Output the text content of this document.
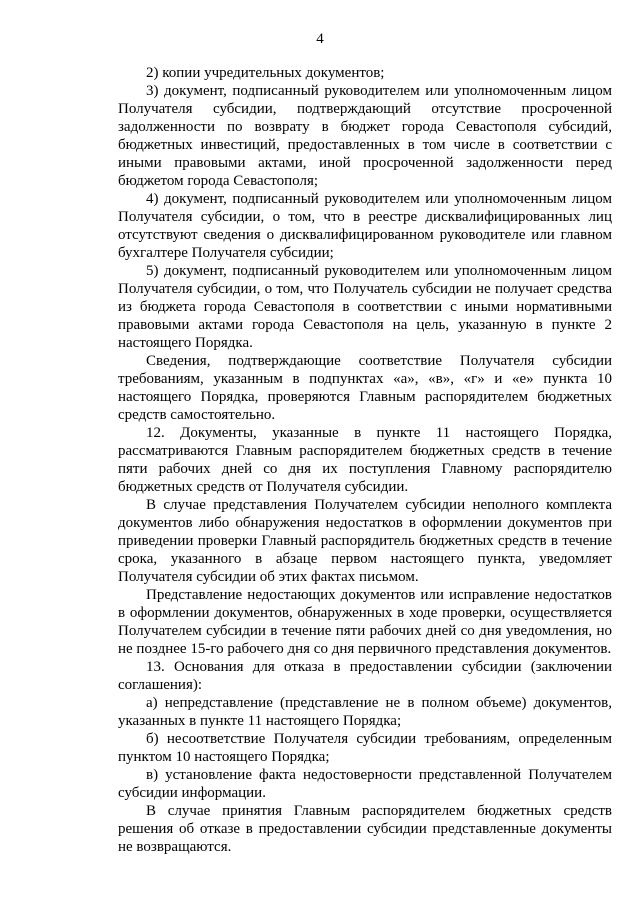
4

2) копии учредительных документов;

3) документ, подписанный руководителем или уполномоченным лицом Получателя субсидии, подтверждающий отсутствие просроченной задолженности по возврату в бюджет города Севастополя субсидий, бюджетных инвестиций, предоставленных в том числе в соответствии с иными правовыми актами, иной просроченной задолженности перед бюджетом города Севастополя;

4) документ, подписанный руководителем или уполномоченным лицом Получателя субсидии, о том, что в реестре дисквалифицированных лиц отсутствуют сведения о дисквалифицированном руководителе или главном бухгалтере Получателя субсидии;

5) документ, подписанный руководителем или уполномоченным лицом Получателя субсидии, о том, что Получатель субсидии не получает средства из бюджета города Севастополя в соответствии с иными нормативными правовыми актами города Севастополя на цель, указанную в пункте 2 настоящего Порядка.

Сведения, подтверждающие соответствие Получателя субсидии требованиям, указанным в подпунктах «а», «в», «г» и «е» пункта 10 настоящего Порядка, проверяются Главным распорядителем бюджетных средств самостоятельно.

12. Документы, указанные в пункте 11 настоящего Порядка, рассматриваются Главным распорядителем бюджетных средств в течение пяти рабочих дней со дня их поступления Главному распорядителю бюджетных средств от Получателя субсидии.

В случае представления Получателем субсидии неполного комплекта документов либо обнаружения недостатков в оформлении документов при приведении проверки Главный распорядитель бюджетных средств в течение срока, указанного в абзаце первом настоящего пункта, уведомляет Получателя субсидии об этих фактах письмом.

Представление недостающих документов или исправление недостатков в оформлении документов, обнаруженных в ходе проверки, осуществляется Получателем субсидии в течение пяти рабочих дней со дня уведомления, но не позднее 15-го рабочего дня со дня первичного представления документов.

13. Основания для отказа в предоставлении субсидии (заключении соглашения):

а) непредставление (представление не в полном объеме) документов, указанных в пункте 11 настоящего Порядка;

б) несоответствие Получателя субсидии требованиям, определенным пунктом 10 настоящего Порядка;

в) установление факта недостоверности представленной Получателем субсидии информации.

В случае принятия Главным распорядителем бюджетных средств решения об отказе в предоставлении субсидии представленные документы не возвращаются.
